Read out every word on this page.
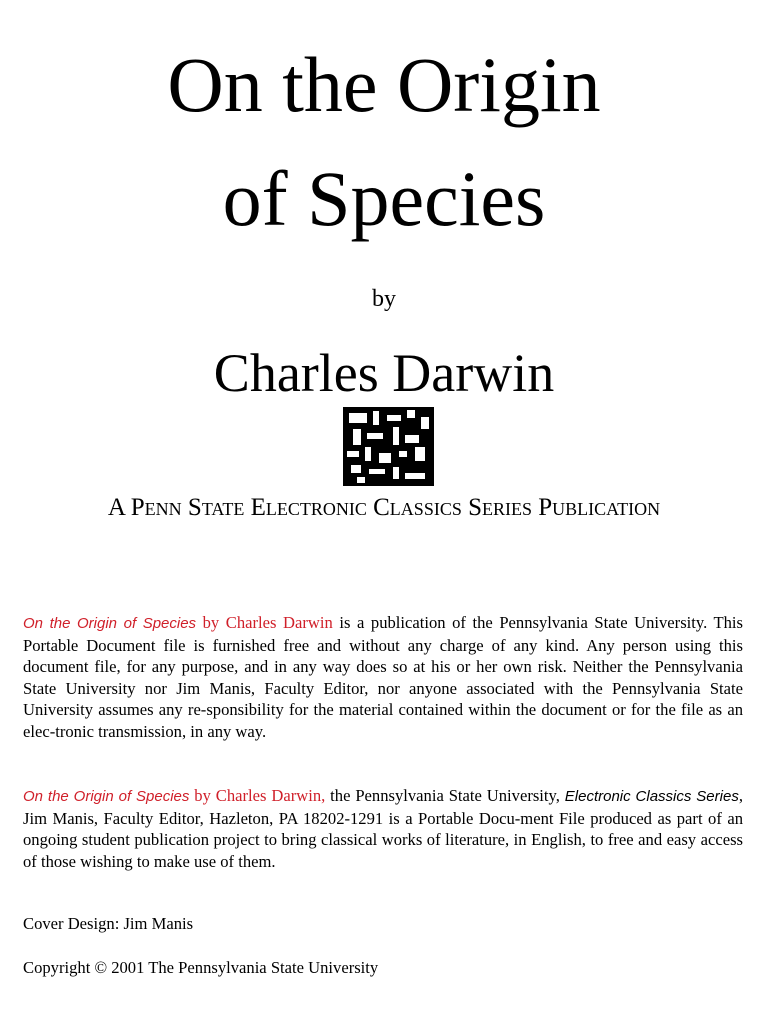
On the Origin
of Species
by
Charles Darwin
A Penn State Electronic Classics Series Publication
On the Origin of Species by Charles Darwin is a publication of the Pennsylvania State University. This Portable Document file is furnished free and without any charge of any kind. Any person using this document file, for any purpose, and in any way does so at his or her own risk. Neither the Pennsylvania State University nor Jim Manis, Faculty Editor, nor anyone associated with the Pennsylvania State University assumes any re-sponsibility for the material contained within the document or for the file as an elec-tronic transmission, in any way.
On the Origin of Species by Charles Darwin, the Pennsylvania State University, Electronic Classics Series, Jim Manis, Faculty Editor, Hazleton, PA 18202-1291 is a Portable Docu-ment File produced as part of an ongoing student publication project to bring classical works of literature, in English, to free and easy access of those wishing to make use of them.
Cover Design: Jim Manis
Copyright © 2001 The Pennsylvania State University
